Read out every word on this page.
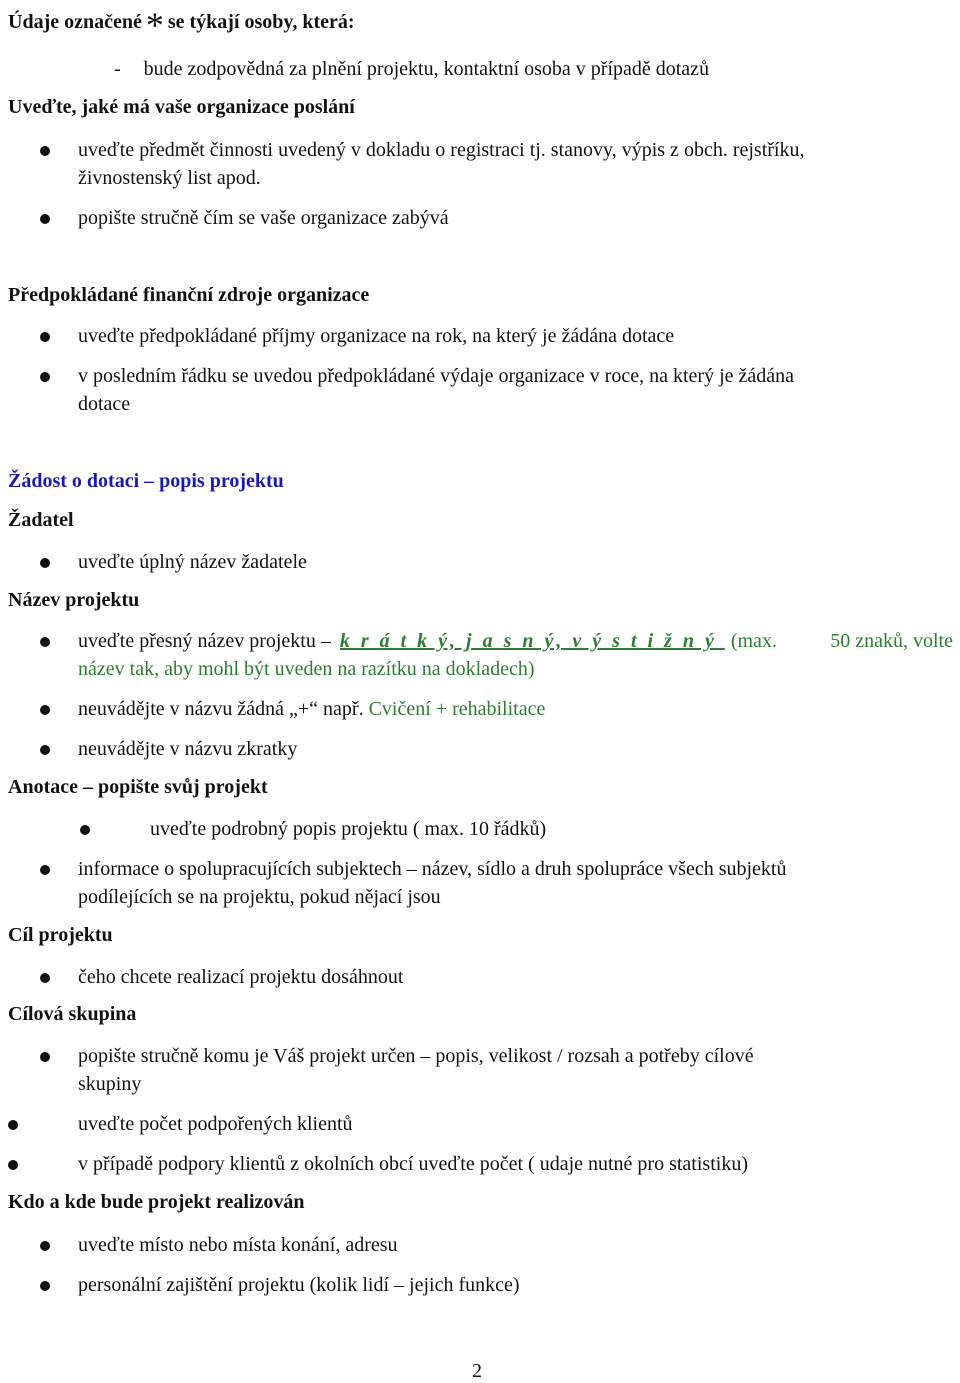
Údaje označené * se týkají osoby, která:
- bude zodpovědná za plnění projektu, kontaktní osoba v případě dotazů
Uveďte, jaké má vaše organizace poslání
uveďte předmět činnosti uvedený v dokladu o registraci tj. stanovy, výpis z obch. rejstříku,
živnostenský list apod.
popište stručně čím se vaše organizace zabývá
Předpokládané finanční zdroje organizace
uveďte předpokládané příjmy organizace na rok, na který je žádána dotace
v posledním řádku se uvedou předpokládané výdaje organizace v roce, na který je žádána
dotace
Žádost o dotaci – popis projektu
Žadatel
uveďte úplný název žadatele
Název projektu
uveďte přesný název projektu – k r á t k ý, j a s n ý, v ý s t i ž n ý (max.	50 znaků, volte
název tak, aby mohl být uveden na razítku na dokladech)
neuvádějte v názvu žádná „+“ např. Cvičení + rehabilitace
neuvádějte v názvu zkratky
Anotace – popište svůj projekt
uveďte podrobný popis projektu ( max. 10 řádků)
informace o spolupracujících subjektech – název, sídlo a druh spolupráce všech subjektů
podílejících se na projektu, pokud nějací jsou
Cíl projektu
čeho chcete realizací projektu dosáhnout
Cílová skupina
popište stručně komu je Váš projekt určen – popis, velikost / rozsah a potřeby cílové
skupiny
uveďte počet podpořených klientů
v případě podpory klientů z okolních obcí uveďte počet ( udaje nutné pro statistiku)
Kdo a kde bude projekt realizován
uveďte místo nebo místa konání, adresu
personální zajištění projektu (kolik lidí – jejich funkce)
2
